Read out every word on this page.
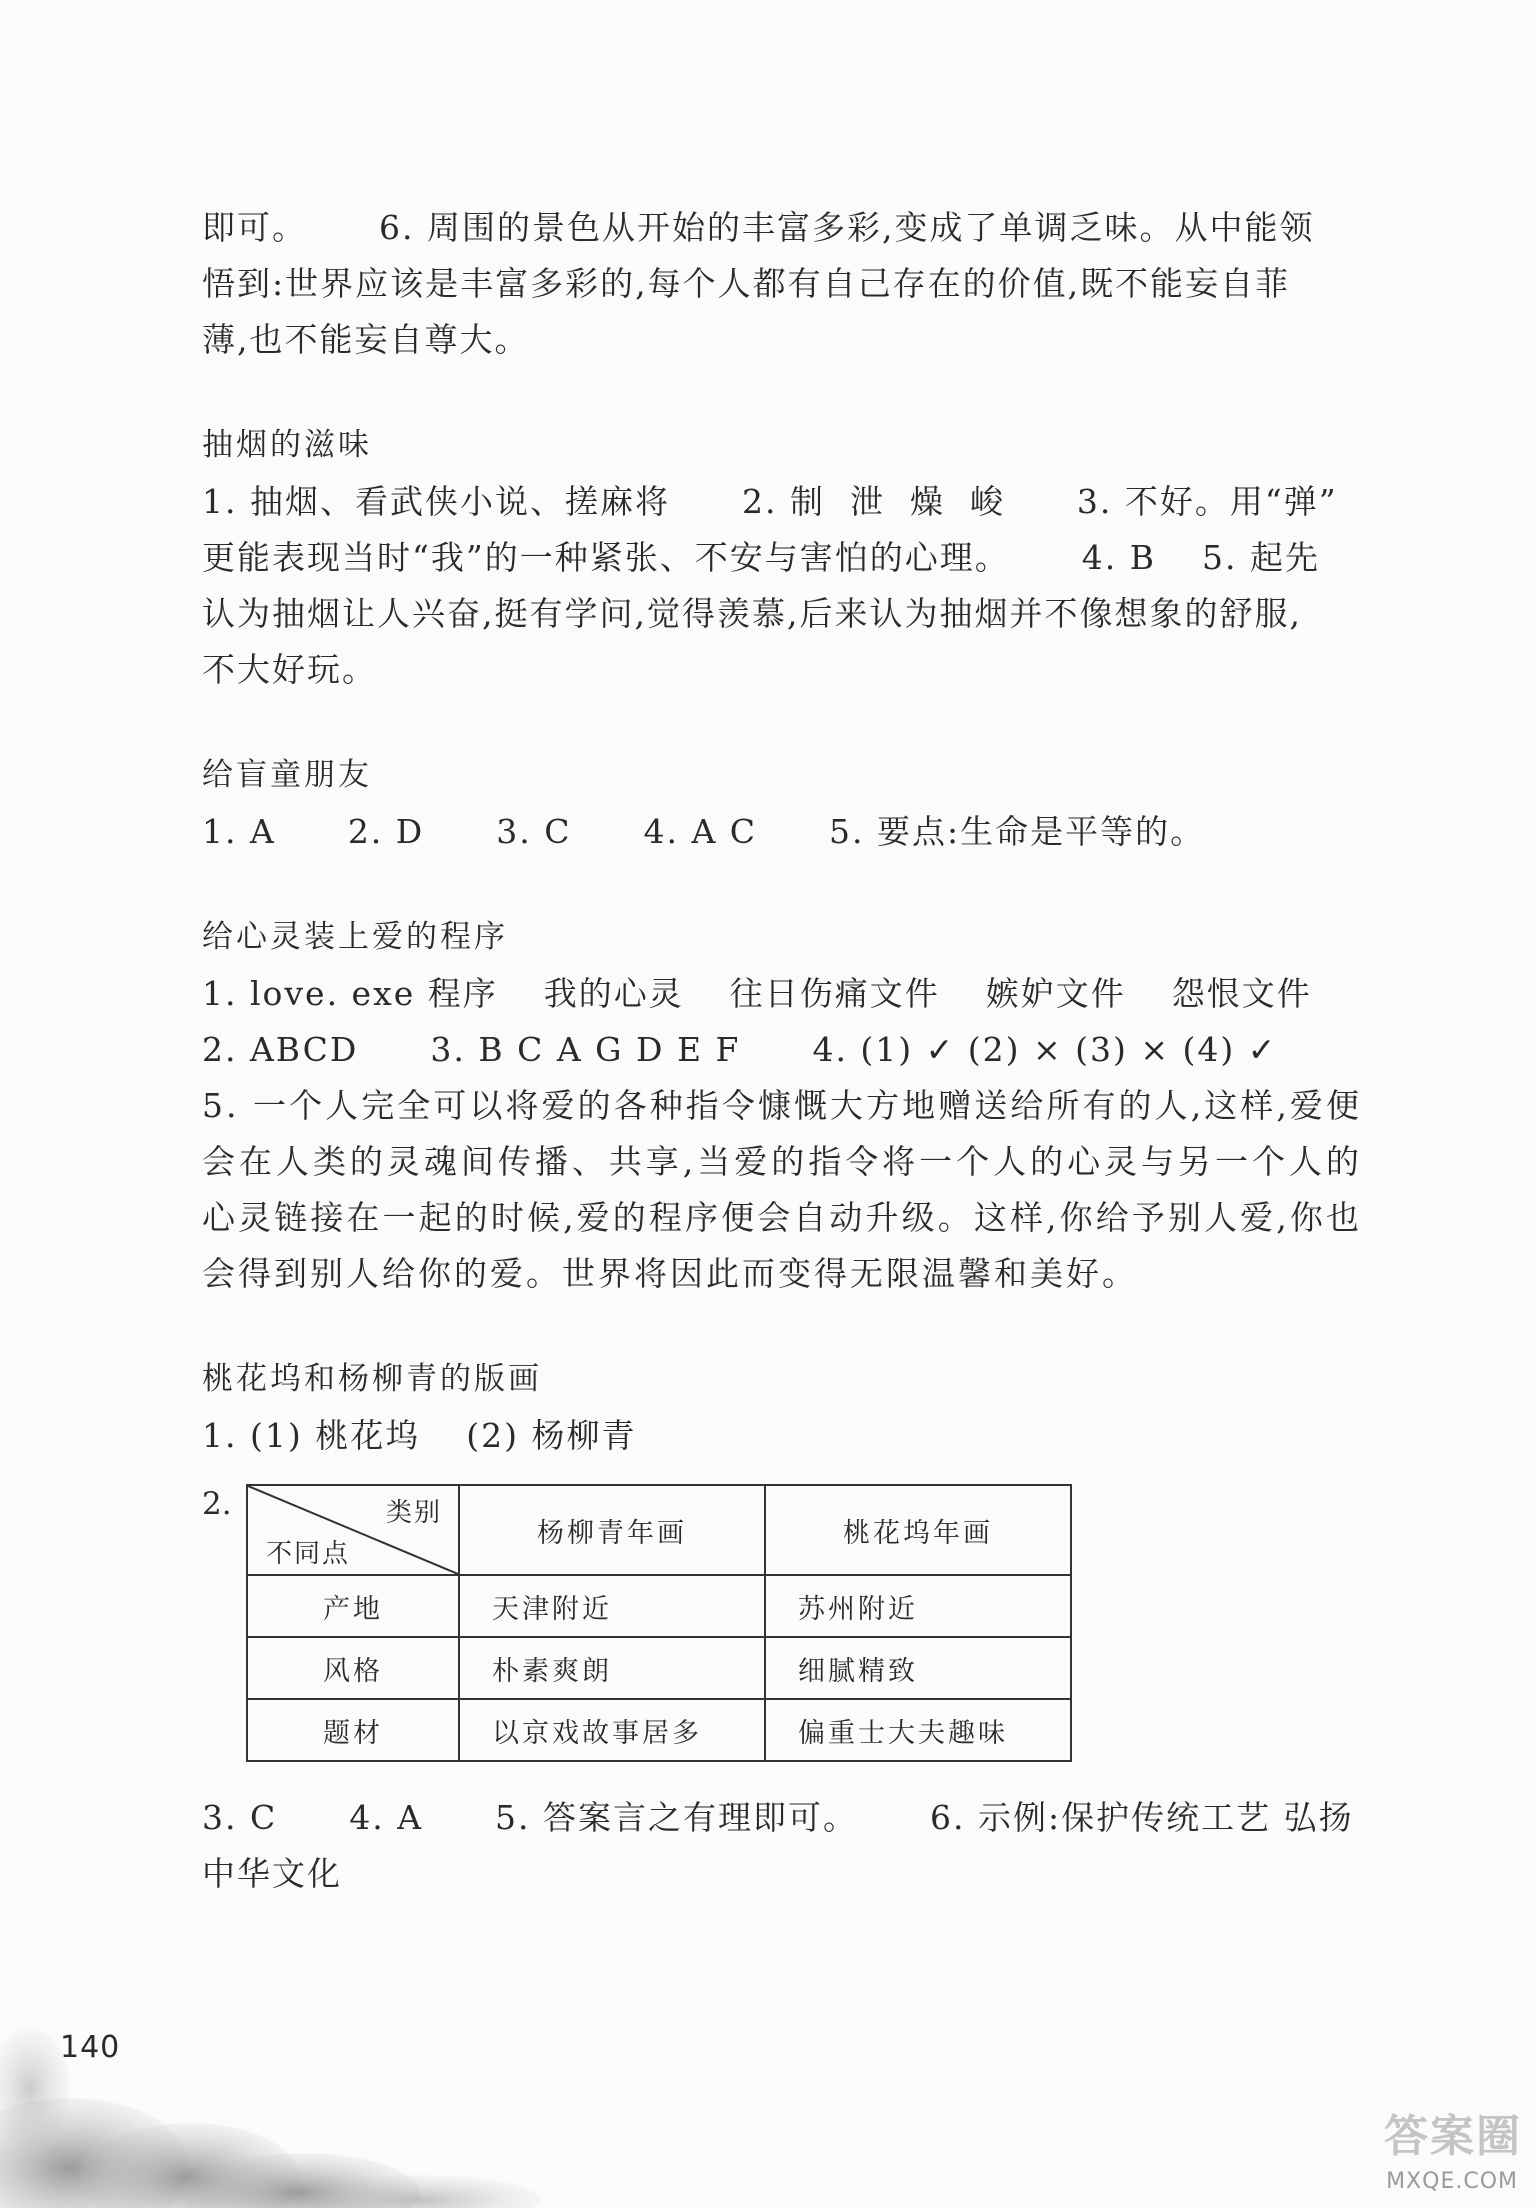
即可。 6. 周围的景色从开始的丰富多彩,变成了单调乏味。从中能领

悟到:世界应该是丰富多彩的,每个人都有自己存在的价值,既不能妄自菲

薄,也不能妄自尊大。

抽烟的滋味

1. 抽烟、看武侠小说、搓麻将 2. 制  泄  燥  峻 3. 不好。用“弹”

更能表现当时“我”的一种紧张、不安与害怕的心理。 4. B 5. 起先

认为抽烟让人兴奋,挺有学问,觉得羡慕,后来认为抽烟并不像想象的舒服,

不大好玩。

给盲童朋友

1. A 2. D 3. C 4. A C 5. 要点:生命是平等的。

给心灵装上爱的程序

1. love. exe 程序 我的心灵 往日伤痛文件 嫉妒文件 怨恨文件

2. ABCD 3. B C A G D E F 4. (1) ✓ (2) × (3) × (4) ✓

5. 一个人完全可以将爱的各种指令慷慨大方地赠送给所有的人,这样,爱便会在人类的灵魂间传播、共享,当爱的指令将一个人的心灵与另一个人的心灵链接在一起的时候,爱的程序便会自动升级。这样,你给予别人爱,你也会得到别人给你的爱。世界将因此而变得无限温馨和美好。

桃花坞和杨柳青的版画

1. (1) 桃花坞 (2) 杨柳青

2.	类别
不同点	杨柳青年画	桃花坞年画
产地	天津附近	苏州附近
风格	朴素爽朗	细腻精致
题材	以京戏故事居多	偏重士大夫趣味

3. C 4. A 5. 答案言之有理即可。 6. 示例:保护传统工艺 弘扬

中华文化

140
答案圈
MXQE.COM
